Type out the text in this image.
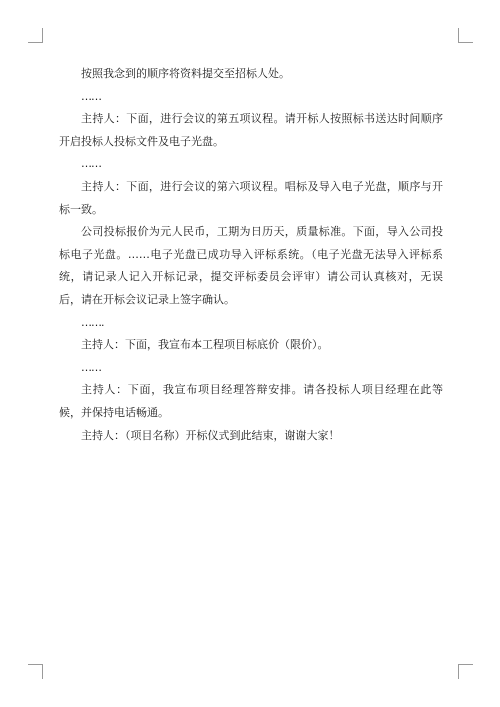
按照我念到的顺序将资料提交至招标人处。

……

主持人：下面，进行会议的第五项议程。请开标人按照标书送达时间顺序开启投标人投标文件及电子光盘。

……

主持人：下面，进行会议的第六项议程。唱标及导入电子光盘，顺序与开标一致。

公司投标报价为元人民币，工期为日历天，质量标准。下面，导入公司投标电子光盘。……电子光盘已成功导入评标系统。（电子光盘无法导入评标系统，请记录人记入开标记录，提交评标委员会评审）请公司认真核对，无误后，请在开标会议记录上签字确认。

…….

主持人：下面，我宣布本工程项目标底价（限价）。

……

主持人：下面，我宣布项目经理答辩安排。请各投标人项目经理在此等候，并保持电话畅通。

主持人：（项目名称）开标仪式到此结束，谢谢大家！
